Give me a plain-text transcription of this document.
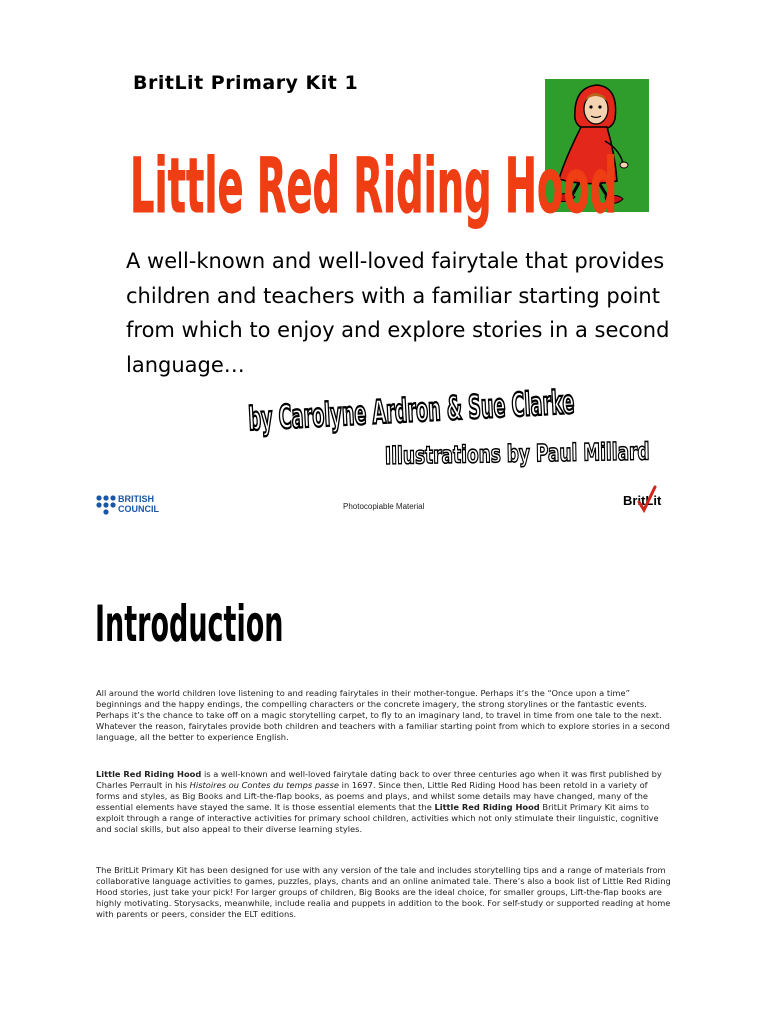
BritLit Primary Kit 1
Little Red Riding Hood
A well-known and well-loved fairytale that provides children and teachers with a familiar starting point from which to enjoy and explore stories in a second language…
by Carolyne Ardron & Sue Clarke
Illustrations by Paul Millard
BRITISH
COUNCIL	Photocopiable Material	BritLit
Introduction
All around the world children love listening to and reading fairytales in their mother-tongue. Perhaps it’s the “Once upon a time” beginnings and the happy endings, the compelling characters or the concrete imagery, the strong storylines or the fantastic events. Perhaps it’s the chance to take off on a magic storytelling carpet, to fly to an imaginary land, to travel in time from one tale to the next. Whatever the reason, fairytales provide both children and teachers with a familiar starting point from which to explore stories in a second language, all the better to experience English.
Little Red Riding Hood is a well-known and well-loved fairytale dating back to over three centuries ago when it was first published by Charles Perrault in his Histoires ou Contes du temps passe in 1697. Since then, Little Red Riding Hood has been retold in a variety of forms and styles, as Big Books and Lift-the-flap books, as poems and plays, and whilst some details may have changed, many of the essential elements have stayed the same. It is those essential elements that the Little Red Riding Hood BritLit Primary Kit aims to exploit through a range of interactive activities for primary school children, activities which not only stimulate their linguistic, cognitive and social skills, but also appeal to their diverse learning styles.
The BritLit Primary Kit has been designed for use with any version of the tale and includes storytelling tips and a range of materials from collaborative language activities to games, puzzles, plays, chants and an online animated tale. There’s also a book list of Little Red Riding Hood stories, just take your pick! For larger groups of children, Big Books are the ideal choice, for smaller groups, Lift-the-flap books are highly motivating. Storysacks, meanwhile, include realia and puppets in addition to the book. For self-study or supported reading at home with parents or peers, consider the ELT editions.
